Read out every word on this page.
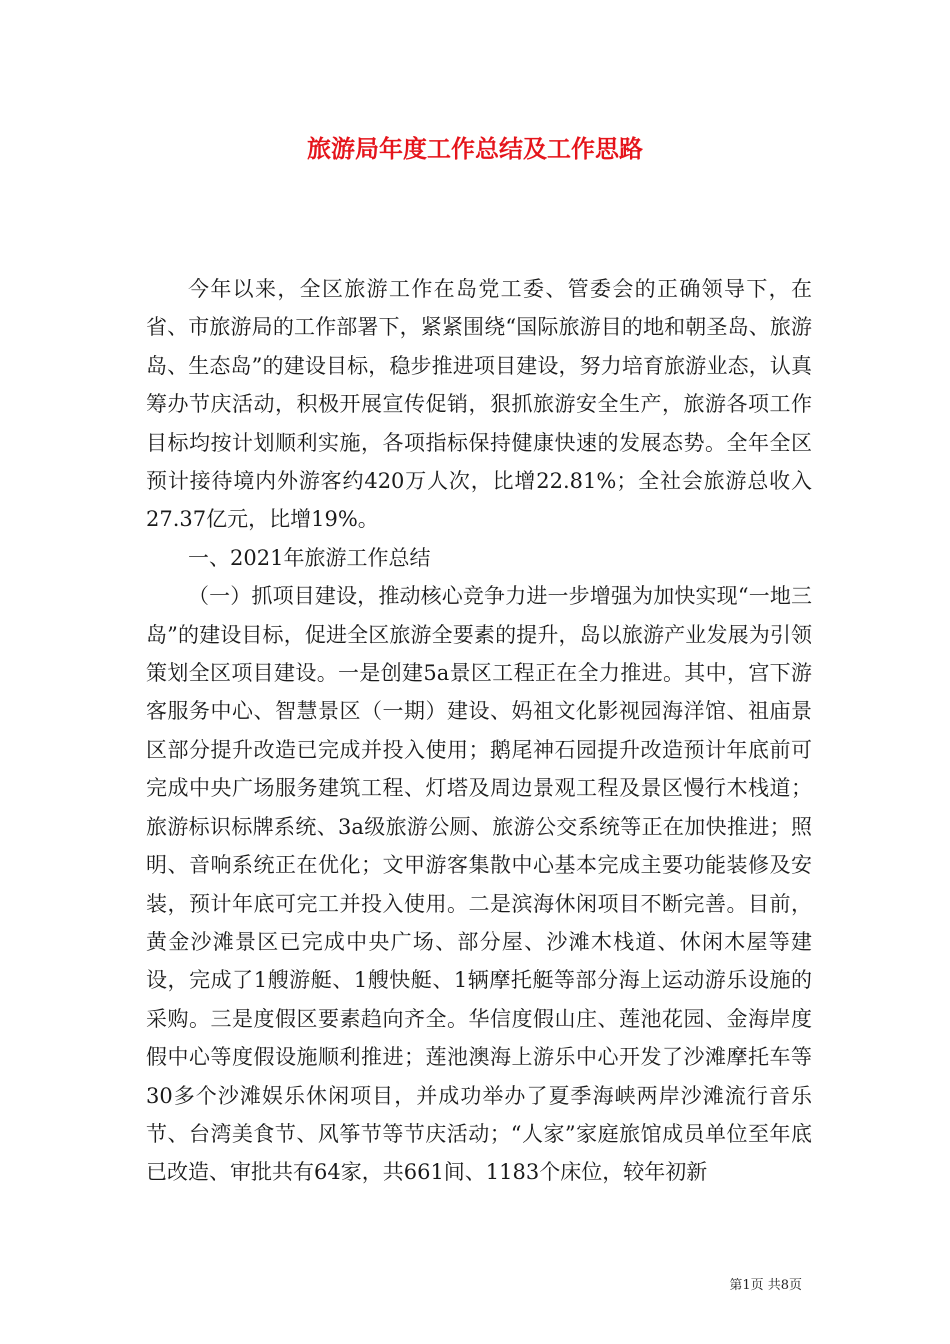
旅游局年度工作总结及工作思路

今年以来，全区旅游工作在岛党工委、管委会的正确领导下，在省、市旅游局的工作部署下，紧紧围绕“国际旅游目的地和朝圣岛、旅游岛、生态岛”的建设目标，稳步推进项目建设，努力培育旅游业态，认真筹办节庆活动，积极开展宣传促销，狠抓旅游安全生产，旅游各项工作目标均按计划顺利实施，各项指标保持健康快速的发展态势。全年全区预计接待境内外游客约420万人次，比增22.81%；全社会旅游总收入27.37亿元，比增19%。

一、2021年旅游工作总结

（一）抓项目建设，推动核心竞争力进一步增强为加快实现“一地三岛”的建设目标，促进全区旅游全要素的提升，岛以旅游产业发展为引领策划全区项目建设。一是创建5a景区工程正在全力推进。其中，宫下游客服务中心、智慧景区（一期）建设、妈祖文化影视园海洋馆、祖庙景区部分提升改造已完成并投入使用；鹅尾神石园提升改造预计年底前可完成中央广场服务建筑工程、灯塔及周边景观工程及景区慢行木栈道；旅游标识标牌系统、3a级旅游公厕、旅游公交系统等正在加快推进；照明、音响系统正在优化；文甲游客集散中心基本完成主要功能装修及安装，预计年底可完工并投入使用。二是滨海休闲项目不断完善。目前，黄金沙滩景区已完成中央广场、部分屋、沙滩木栈道、休闲木屋等建设，完成了1艘游艇、1艘快艇、1辆摩托艇等部分海上运动游乐设施的采购。三是度假区要素趋向齐全。华信度假山庄、莲池花园、金海岸度假中心等度假设施顺利推进；莲池澳海上游乐中心开发了沙滩摩托车等30多个沙滩娱乐休闲项目，并成功举办了夏季海峡两岸沙滩流行音乐节、台湾美食节、风筝节等节庆活动；“人家”家庭旅馆成员单位至年底已改造、审批共有64家，共661间、1183个床位，较年初新

第1页 共8页
